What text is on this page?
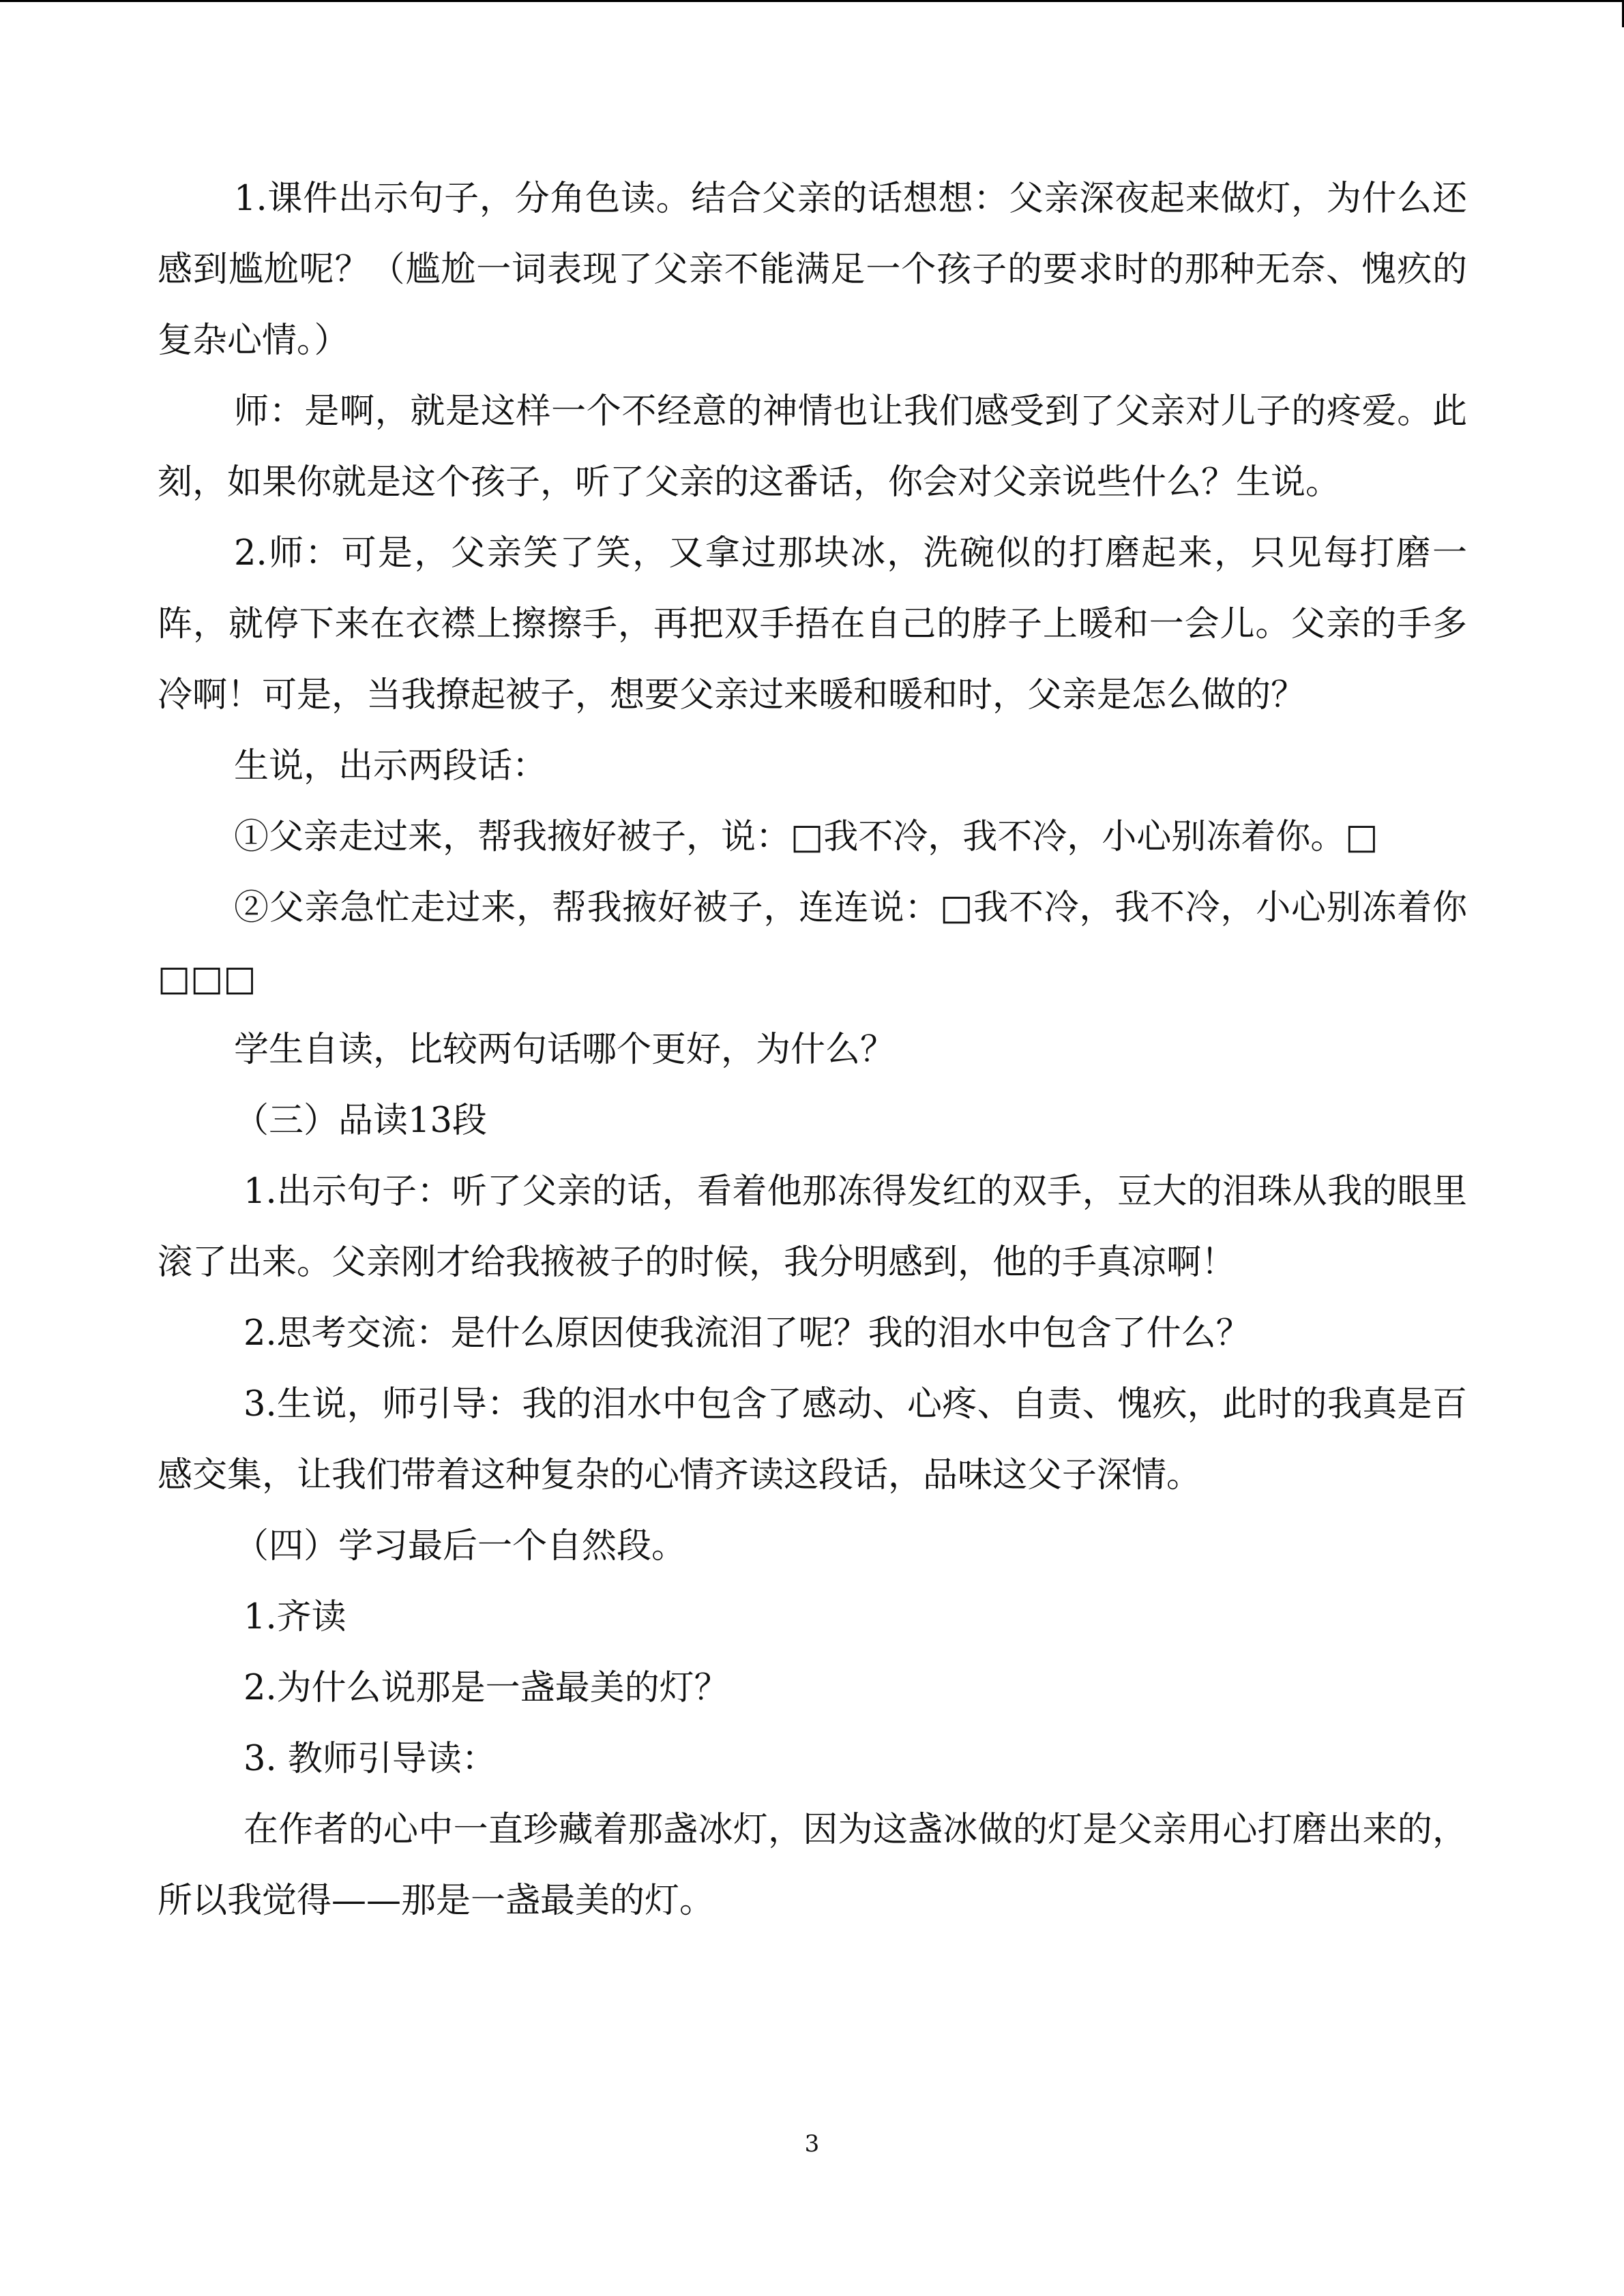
1.课件出示句子，分角色读。结合父亲的话想想：父亲深夜起来做灯，为什么还感到尴尬呢？（尴尬一词表现了父亲不能满足一个孩子的要求时的那种无奈、愧疚的复杂心情。）

师：是啊，就是这样一个不经意的神情也让我们感受到了父亲对儿子的疼爱。此刻，如果你就是这个孩子，听了父亲的这番话，你会对父亲说些什么？生说。

2.师：可是，父亲笑了笑，又拿过那块冰，洗碗似的打磨起来，只见每打磨一阵，就停下来在衣襟上擦擦手，再把双手捂在自己的脖子上暖和一会儿。父亲的手多冷啊！可是，当我撩起被子，想要父亲过来暖和暖和时，父亲是怎么做的？

生说，出示两段话：

①父亲走过来，帮我掖好被子，说：□我不冷，我不冷，小心别冻着你。□

②父亲急忙走过来，帮我掖好被子，连连说：□我不冷，我不冷，小心别冻着你□□□

学生自读，比较两句话哪个更好，为什么？

（三）品读13段

1.出示句子：听了父亲的话，看着他那冻得发红的双手，豆大的泪珠从我的眼里滚了出来。父亲刚才给我掖被子的时候，我分明感到，他的手真凉啊！

2.思考交流：是什么原因使我流泪了呢？我的泪水中包含了什么？

3.生说，师引导：我的泪水中包含了感动、心疼、自责、愧疚，此时的我真是百感交集，让我们带着这种复杂的心情齐读这段话，品味这父子深情。

（四）学习最后一个自然段。

1.齐读

2.为什么说那是一盏最美的灯？

3. 教师引导读：

在作者的心中一直珍藏着那盏冰灯，因为这盏冰做的灯是父亲用心打磨出来的，所以我觉得——那是一盏最美的灯。

3
